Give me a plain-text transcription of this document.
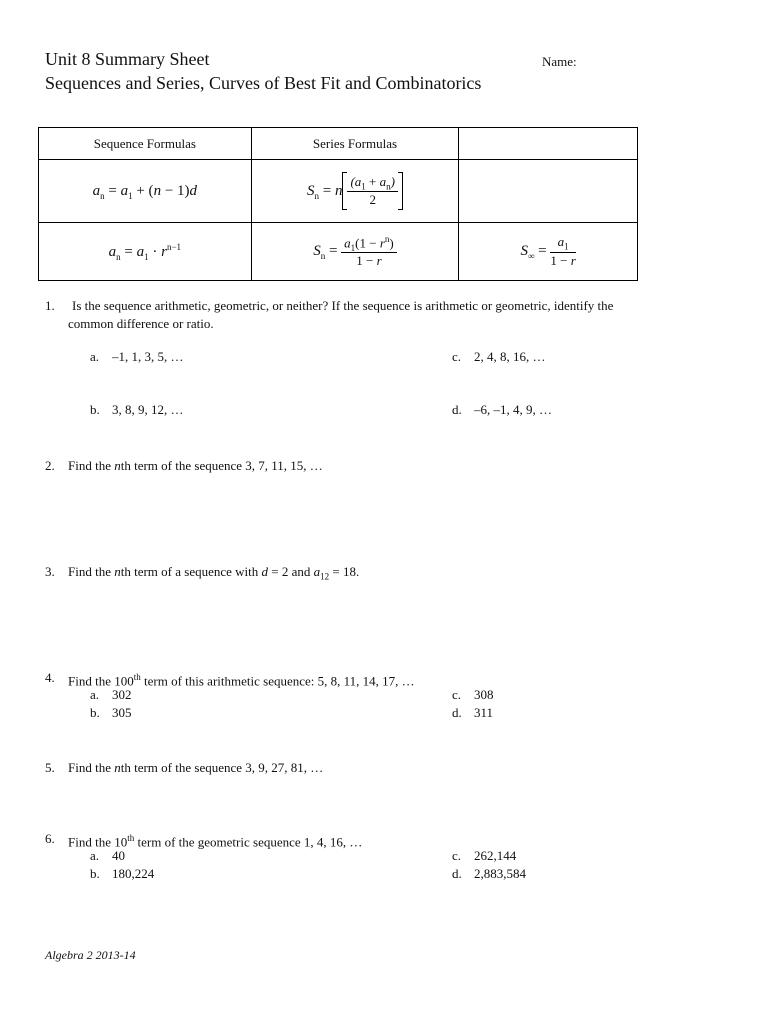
Unit 8 Summary Sheet
Sequences and Series, Curves of Best Fit and Combinatorics
Name:
Sequence Formulas	Series Formulas	
$a_n = a_1 + (n - 1)d$	$S_n = n \frac{(a_1 + a_n)}{2}$

$a_n = a_1 \cdot r^{n-1}$	$S_n = \frac{a_1(1 - r^n)}{1 - r}$	$S_\infty = \frac{a_1}{1 - r}$
1. Is the sequence arithmetic, geometric, or neither? If the sequence is arithmetic or geometric, identify the
common difference or ratio.
a. –1, 1, 3, 5, …
b. 3, 8, 9, 12, …
c. 2, 4, 8, 16, …
d. –6, –1, 4, 9, …
2. Find the nth term of the sequence 3, 7, 11, 15, …
3. Find the nth term of a sequence with d = 2 and $a_{12} = 18$.
4. Find the 100th term of this arithmetic sequence: 5, 8, 11, 14, 17, …
a. 302
b. 305
c. 308
d. 311
5. Find the nth term of the sequence 3, 9, 27, 81, …
6. Find the 10th term of the geometric sequence 1, 4, 16, …
a. 40
b. 180,224
c. 262,144
d. 2,883,584
Algebra 2 2013-14
